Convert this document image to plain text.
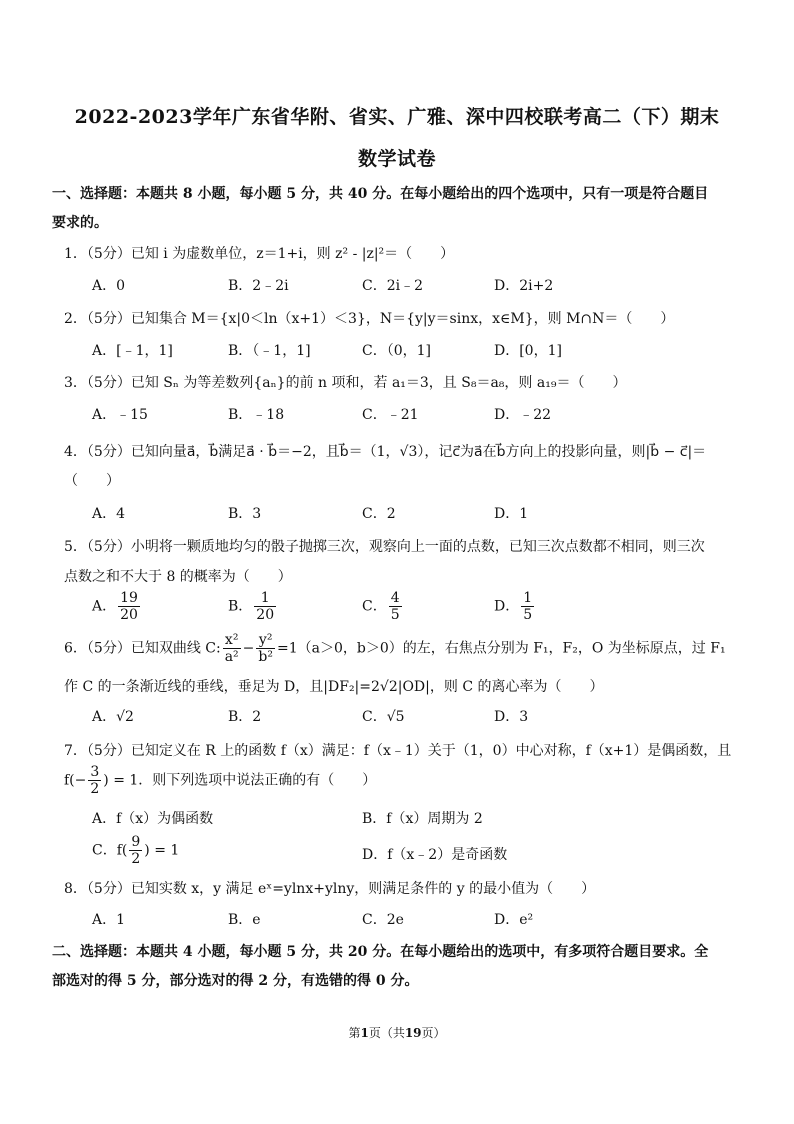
2022-2023学年广东省华附、省实、广雅、深中四校联考高二（下）期末
数学试卷
一、选择题：本题共 8 小题，每小题 5 分，共 40 分。在每小题给出的四个选项中，只有一项是符合题目
要求的。
1．（5分）已知 i 为虚数单位，z＝1+i，则 z² - |z|²＝（　　）
A．0	B．2﹣2i	C．2i﹣2	D．2i+2
2．（5分）已知集合 M＝{x|0＜ln（x+1）＜3}，N＝{y|y＝sinx，x∈M}，则 M∩N＝（　　）
A．[﹣1，1]	B．（﹣1，1]	C．（0，1]	D．[0，1]
3．（5分）已知 Sₙ 为等差数列{aₙ}的前 n 项和，若 a₁＝3，且 S₈＝a₈，则 a₁₉＝（　　）
A．﹣15	B．﹣18	C．﹣21	D．﹣22
4．（5分）已知向量a⃗，b⃗满足a⃗ · b⃗＝−2，且b⃗＝（1，√3），记c⃗为a⃗在b⃗方向上的投影向量，则|b⃗ − c⃗|＝
（　　）
A．4	B．3	C．2	D．1
5．（5分）小明将一颗质地均匀的骰子抛掷三次，观察向上一面的点数，已知三次点数都不相同，则三次
点数之和不大于 8 的概率为（　　）
A． $\frac{19}{20}$	B． $\frac{1}{20}$	C． $\frac{4}{5}$	D． $\frac{1}{5}$
6．（5分）已知双曲线 C: $\frac{\text{x²}}{\text{a²}} - \frac{\text{y²}}{\text{b²}} =1(a>0$，b＞0）的左，右焦点分别为 F₁，F₂，O 为坐标原点，过 F₁
作 C 的一条渐近线的垂线，垂足为 D，且|DF₂|=2√2|OD|，则 C 的离心率为（　　）
A．√2	B．2	C．√5	D．3
7．（5分）已知定义在 R 上的函数 f（x）满足：f（x﹣1）关于（1，0）中心对称，f（x+1）是偶函数，且
$f(- \frac{3}{2}$ ) = 1．则下列选项中说法正确的有（　　）
A．f（x）为偶函数	B．f（x）周期为 2
C．$f( \frac{9}{2}$ ) = 1	D．f（x﹣2）是奇函数
8．（5分）已知实数 x，y 满足 eˣ=ylnx+ylny，则满足条件的 y 的最小值为（　　）
A．1	B．e	C．2e	D．e²
二、选择题：本题共 4 小题，每小题 5 分，共 20 分。在每小题给出的选项中，有多项符合题目要求。全
部选对的得 5 分，部分选对的得 2 分，有选错的得 0 分。
第1页（共19页）
